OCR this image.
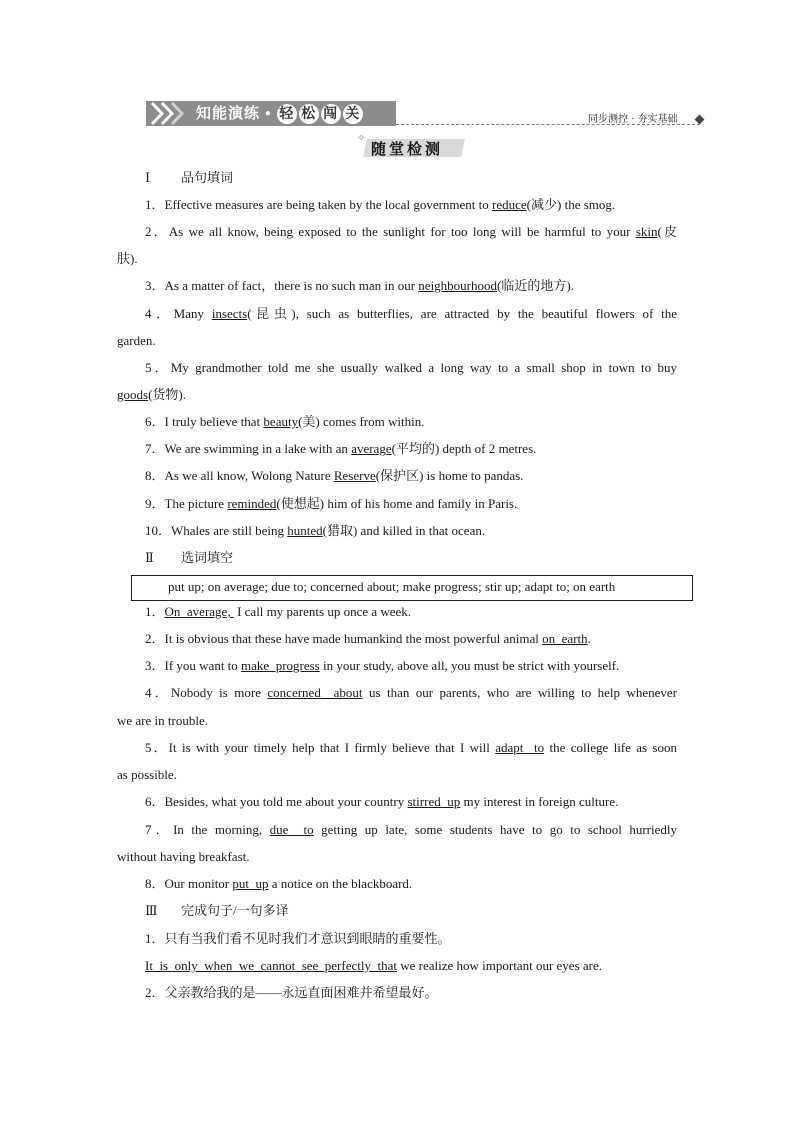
知能演练 • 轻 松 闯 关	同步测控 · 夯实基础
✧
随堂检测
Ⅰ 品句填词
1．Effective measures are being taken by the local government to reduce(减少) the smog.
2．As we all know, being exposed to the sunlight for too long will be harmful to your skin(皮
肤).
3．As a matter of fact，there is no such man in our neighbourhood(临近的地方).
4．Many insects(昆虫), such as butterflies, are attracted by the beautiful flowers of the
garden.
5．My grandmother told me she usually walked a long way to a small shop in town to buy
goods(货物).
6．I truly believe that beauty(美) comes from within.
7．We are swimming in a lake with an average(平均的) depth of 2 metres.
8．As we all know, Wolong Nature Reserve(保护区) is home to pandas.
9．The picture reminded(使想起) him of his home and family in Paris.
10．Whales are still being hunted(猎取) and killed in that ocean.
Ⅱ 选词填空
put up; on average; due to; concerned about; make progress; stir up; adapt to; on earth
1．On  average,  I call my parents up once a week.
2．It is obvious that these have made humankind the most powerful animal on  earth.
3．If you want to make  progress in your study, above all, you must be strict with yourself.
4．Nobody is more concerned  about us than our parents, who are willing to help whenever
we are in trouble.
5．It is with your timely help that I firmly believe that I will adapt  to the college life as soon
as possible.
6．Besides, what you told me about your country stirred  up my interest in foreign culture.
7．In the morning, due  to getting up late, some students have to go to school hurriedly
without having breakfast.
8．Our monitor put  up a notice on the blackboard.
Ⅲ 完成句子/一句多译
1．只有当我们看不见时我们才意识到眼睛的重要性。
It  is  only  when  we  cannot  see  perfectly  that we realize how important our eyes are.
2．父亲教给我的是——永远直面困难并希望最好。
